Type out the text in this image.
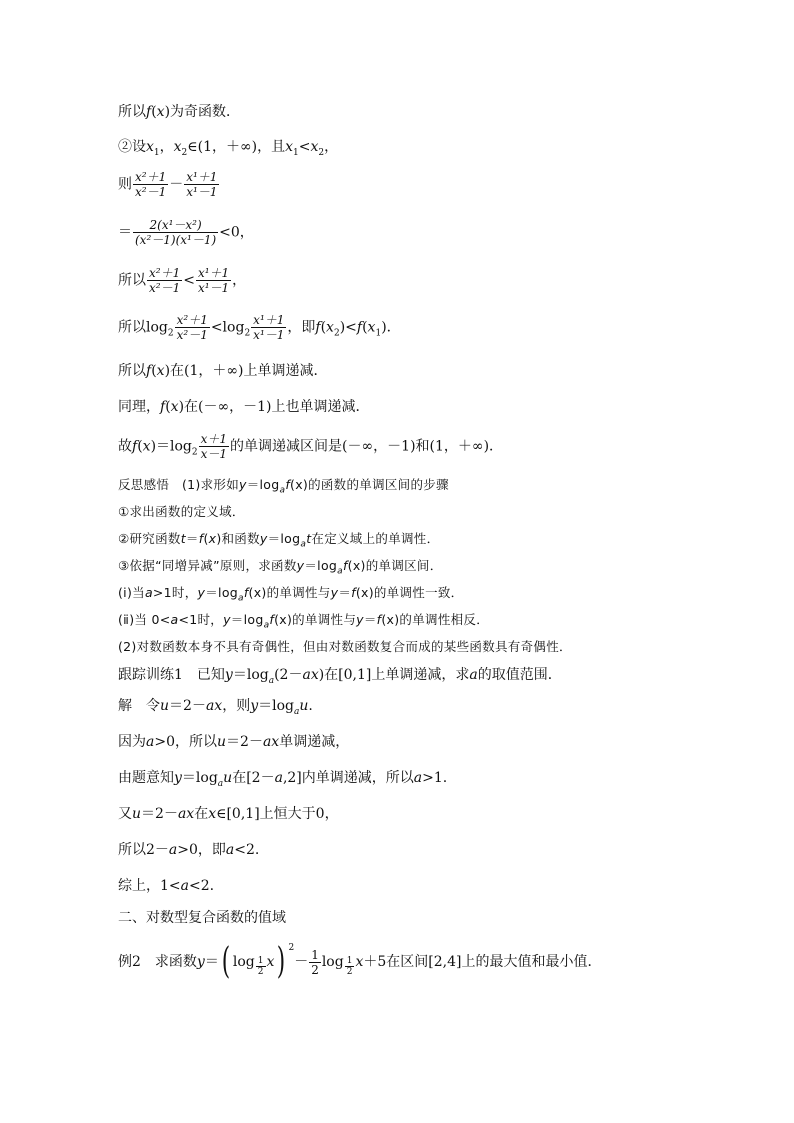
所以f(x)为奇函数．
②设$x_1$，$x_2\in(1$，＋∞)，且$x_1<x_2$，
则 $\frac{\text{x²＋1}}{\text{x²－1}} - \frac{\text{x¹＋1}}{\text{x¹－1}}$
＝ $\frac{\text{2(x¹－x²)}}{\text{(x²－1)(x¹－1)}} <0$，
所以 $\frac{\text{x²＋1}}{\text{x²－1}} < \frac{\text{x¹＋1}}{\text{x¹－1}}$ ，
所以$\log_2 \frac{\text{x²＋1}}{\text{x²－1}} <\log_2 \frac{\text{x¹＋1}}{\text{x¹－1}}$ ，即$f(x_2)<f(x_1)$．
所以f(x)在(1，＋∞)上单调递减．
同理，f(x)在(－∞，－1)上也单调递减．
故$f(x)=\log_2 \frac{x+1}{x-1}$ 的单调递减区间是(－∞，－1)和(1，＋∞)．
反思感悟　(1)求形如$y=\log_af(x)$的函数的单调区间的步骤
①求出函数的定义域．
②研究函数t＝f(x)和函数$y=\log_at$在定义域上的单调性．
③依据“同增异减”原则，求函数$y=\log_af(x)$的单调区间．
(ⅰ)当a>1时，$y=\log_af(x)$的单调性与y＝f(x)的单调性一致．
(ⅱ)当 0<a<1时，$y=\log_af(x)$的单调性与y＝f(x)的单调性相反．
(2)对数函数本身不具有奇偶性，但由对数函数复合而成的某些函数具有奇偶性．
跟踪训练1　已知$y=\log_a(2-ax)$在[0,1]上单调递减，求a的取值范围．
解　令u＝2－ax，则$y=\log_au$.
因为a>0，所以u＝2－ax单调递减，
由题意知$y=\log_au$在[2－a,2]内单调递减，所以a>1.
又u＝2－ax在x∈[0,1]上恒大于0，
所以2－a>0，即a<2.
综上，1<a<2.
二、对数型复合函数的值域
例2　求函数y＝( $\log \frac{1}{2} x$) $^2- \frac{1}{2}$ $\log \frac{1}{2} x+5$在区间[2,4]上的最大值和最小值．
